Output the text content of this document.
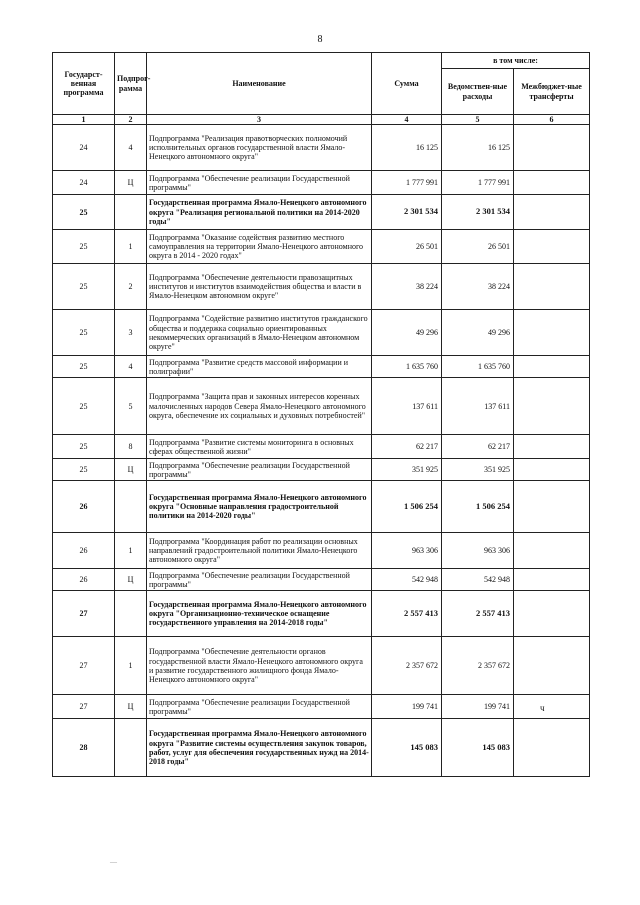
8
Государст-венная программа	Подпрог-рамма	Наименование	Сумма	в том числе:	
				Ведомствен-ные расходы	Межбюджет-ные трансферты
1	2	3	4	5	6
24	4	Подпрограмма "Реализация правотворческих полномочий исполнительных органов государственной власти Ямало-Ненецкого автономного округа"	16 125	16 125	
24	Ц	Подпрограмма "Обеспечение реализации Государственной программы"	1 777 991	1 777 991	
25		Государственная программа Ямало-Ненецкого автономного округа "Реализация региональной политики на 2014-2020 годы"	2 301 534	2 301 534	
25	1	Подпрограмма "Оказание содействия развитию местного самоуправления на территории Ямало-Ненецкого автономного округа в 2014 - 2020 годах"	26 501	26 501	
25	2	Подпрограмма "Обеспечение деятельности правозащитных институтов и институтов взаимодействия общества и власти в Ямало-Ненецком автономном округе"	38 224	38 224	
25	3	Подпрограмма "Содействие развитию институтов гражданского общества и поддержка социально ориентированных некоммерческих организаций в Ямало-Ненецком автономном округе"	49 296	49 296	
25	4	Подпрограмма "Развитие средств массовой информации и полиграфии"	1 635 760	1 635 760	
25	5	Подпрограмма "Защита прав и законных интересов коренных малочисленных народов Севера Ямало-Ненецкого автономного округа, обеспечение их социальных и духовных потребностей"	137 611	137 611	
25	8	Подпрограмма "Развитие системы мониторинга в основных сферах общественной жизни"	62 217	62 217	
25	Ц	Подпрограмма "Обеспечение реализации Государственной программы"	351 925	351 925	
26		Государственная программа Ямало-Ненецкого автономного округа "Основные направления градостроительной политики на 2014-2020 годы"	1 506 254	1 506 254	
26	1	Подпрограмма "Координация работ по реализации основных направлений градостроительной политики Ямало-Ненецкого автономного округа"	963 306	963 306	
26	Ц	Подпрограмма "Обеспечение реализации Государственной программы"	542 948	542 948	
27		Государственная программа Ямало-Ненецкого автономного округа "Организационно-техническое оснащение государственного управления на 2014-2018 годы"	2 557 413	2 557 413	
27	1	Подпрограмма "Обеспечение деятельности органов государственной власти Ямало-Ненецкого автономного округа и развитие государственного жилищного фонда Ямало-Ненецкого автономного округа"	2 357 672	2 357 672	
27	Ц	Подпрограмма "Обеспечение реализации Государственной программы"	199 741	199 741	
28		Государственная программа Ямало-Ненецкого автономного округа "Развитие системы осуществления закупок товаров, работ, услуг для обеспечения государственных нужд на 2014-2018 годы"	145 083	145 083	
ч
—
